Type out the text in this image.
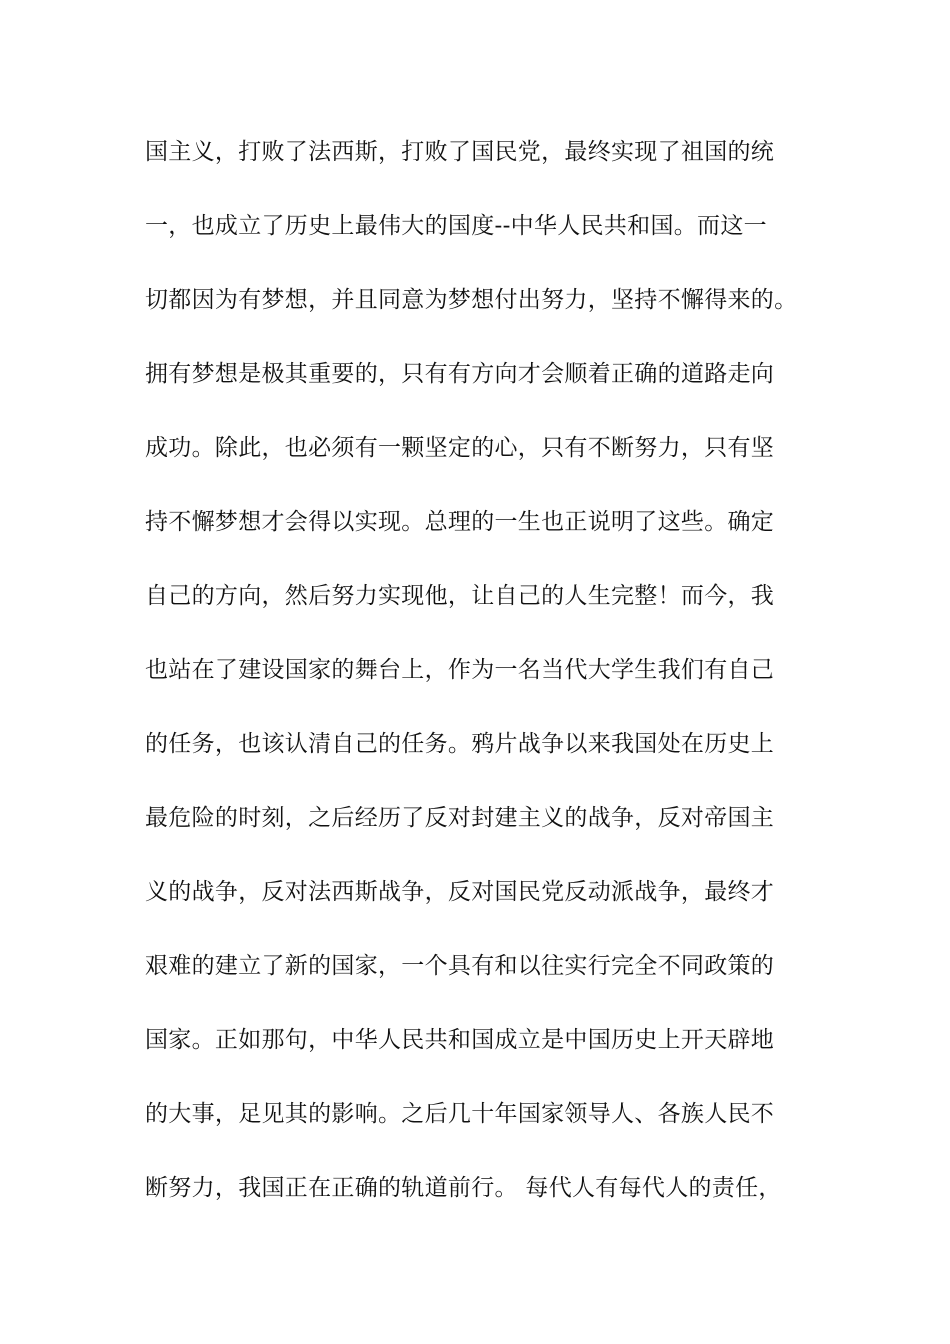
国主义，打败了法西斯，打败了国民党，最终实现了祖国的统
一，也成立了历史上最伟大的国度--中华人民共和国。而这一
切都因为有梦想，并且同意为梦想付出努力，坚持不懈得来的。
拥有梦想是极其重要的，只有有方向才会顺着正确的道路走向
成功。除此，也必须有一颗坚定的心，只有不断努力，只有坚
持不懈梦想才会得以实现。总理的一生也正说明了这些。确定
自己的方向，然后努力实现他，让自己的人生完整！而今，我
也站在了建设国家的舞台上，作为一名当代大学生我们有自己
的任务，也该认清自己的任务。鸦片战争以来我国处在历史上
最危险的时刻，之后经历了反对封建主义的战争，反对帝国主
义的战争，反对法西斯战争，反对国民党反动派战争，最终才
艰难的建立了新的国家，一个具有和以往实行完全不同政策的
国家。正如那句，中华人民共和国成立是中国历史上开天辟地
的大事，足见其的影响。之后几十年国家领导人、各族人民不
断努力，我国正在正确的轨道前行。 每代人有每代人的责任，
